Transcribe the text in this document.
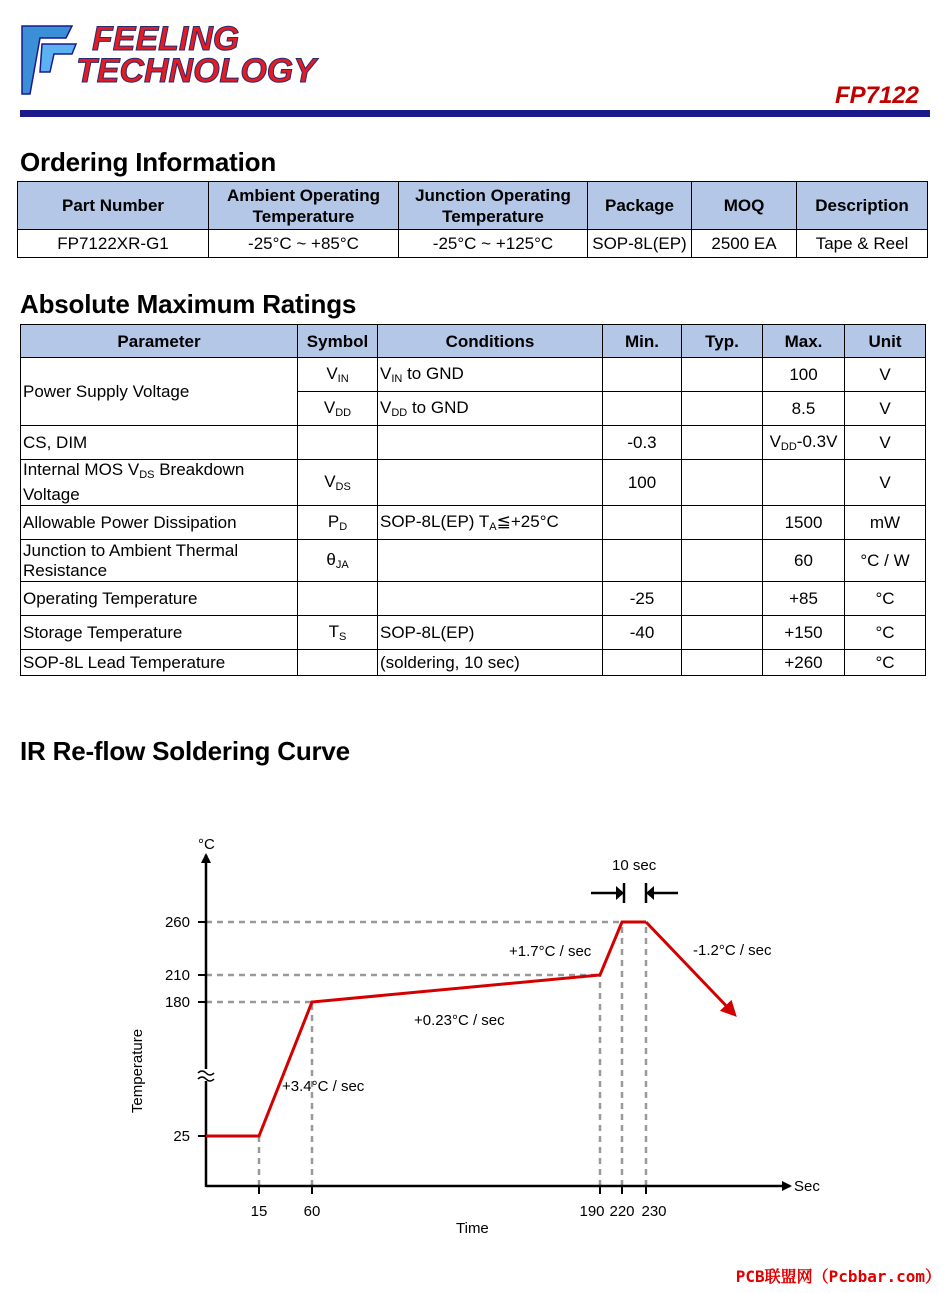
FEELING
TECHNOLOGY
FP7122
Ordering Information
Part Number	Ambient Operating
Temperature	Junction Operating
Temperature	Package	MOQ	Description
FP7122XR-G1	-25°C ~ +85°C	-25°C ~ +125°C	SOP-8L(EP)	2500 EA	Tape & Reel
Absolute Maximum Ratings
Parameter	Symbol	Conditions	Min.	Typ.	Max.	Unit
Power Supply Voltage	$V_{IN}$	$V_{IN}$ to GND			100	V
	$V_{DD}$	$V_{DD}$ to GND			8.5	V
CS, DIM			-0.3		$V_{DD}-0.3V$	V
Internal MOS $V_{DS}$ Breakdown
Voltage	$V_{DS}$		100			V
Allowable Power Dissipation	$P_D$	SOP-8L(EP) $T_A≦+25^\circ C$			1500	mW
Junction to Ambient Thermal
Resistance	$\theta_{JA}$				60	°C / W
Operating Temperature			-25		+85	°C
Storage Temperature	$T_S$	SOP-8L(EP)	-40		+150	°C
SOP-8L Lead Temperature		(soldering, 10 sec)			+260	°C
IR Re-flow Soldering Curve
25
180
210
260
15 60	190 220 230
°C
Sec
Time
Temperature	+3.4°C / sec
+0.23°C / sec
+1.7°C / sec	-1.2°C / sec
10 sec
PCB联盟网（Pcbbar.com）
